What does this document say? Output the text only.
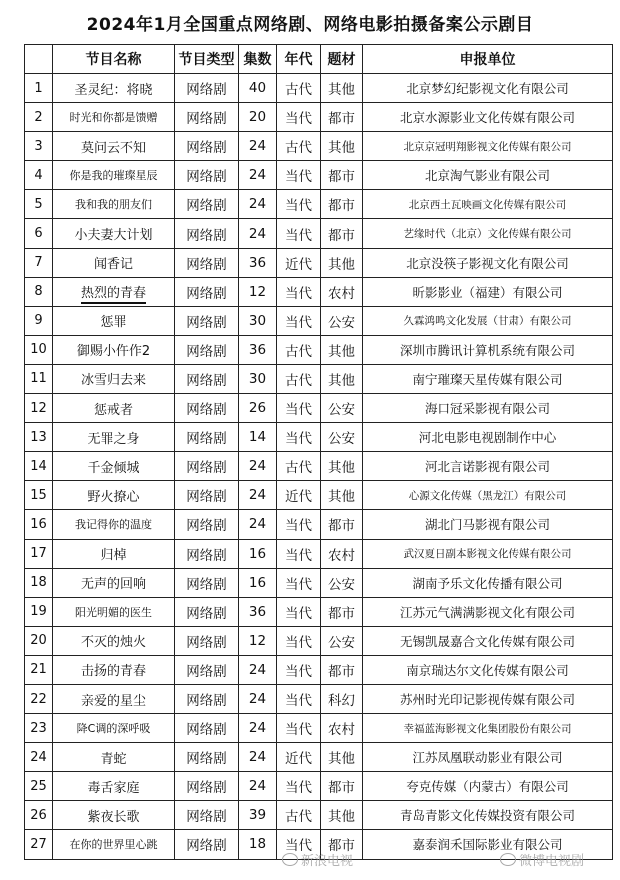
2024年1月全国重点网络剧、网络电影拍摄备案公示剧目
	节目名称	节目类型	集数	年代	题材	申报单位
1	圣灵纪：将晓	网络剧	40	古代	其他	北京梦幻纪影视文化有限公司
2	时光和你都是馈赠	网络剧	20	当代	都市	北京水源影业文化传媒有限公司
3	莫问云不知	网络剧	24	古代	其他	北京京冠明翔影视文化传媒有限公司
4	你是我的璀璨星辰	网络剧	24	当代	都市	北京淘气影业有限公司
5	我和我的朋友们	网络剧	24	当代	都市	北京西土瓦映画文化传媒有限公司
6	小夫妻大计划	网络剧	24	当代	都市	艺缘时代（北京）文化传媒有限公司
7	闻香记	网络剧	36	近代	其他	北京没筷子影视文化有限公司
8	热烈的青春	网络剧	12	当代	农村	昕影影业（福建）有限公司
9	惩罪	网络剧	30	当代	公安	久霖鸿鸣文化发展（甘肃）有限公司
10	御赐小仵作2	网络剧	36	古代	其他	深圳市腾讯计算机系统有限公司
11	冰雪归去来	网络剧	30	古代	其他	南宁璀璨天星传媒有限公司
12	惩戒者	网络剧	26	当代	公安	海口冠采影视有限公司
13	无罪之身	网络剧	14	当代	公安	河北电影电视剧制作中心
14	千金倾城	网络剧	24	古代	其他	河北言诺影视有限公司
15	野火撩心	网络剧	24	近代	其他	心源文化传媒（黑龙江）有限公司
16	我记得你的温度	网络剧	24	当代	都市	湖北门马影视有限公司
17	归棹	网络剧	16	当代	农村	武汉夏日副本影视文化传媒有限公司
18	无声的回响	网络剧	16	当代	公安	湖南予乐文化传播有限公司
19	阳光明媚的医生	网络剧	36	当代	都市	江苏元气满满影视文化有限公司
20	不灭的烛火	网络剧	12	当代	公安	无锡凯晟嘉合文化传媒有限公司
21	击扬的青春	网络剧	24	当代	都市	南京瑞达尔文化传媒有限公司
22	亲爱的星尘	网络剧	24	当代	科幻	苏州时光印记影视传媒有限公司
23	降C调的深呼吸	网络剧	24	当代	农村	幸福蓝海影视文化集团股份有限公司
24	青蛇	网络剧	24	近代	其他	江苏凤凰联动影业有限公司
25	毒舌家庭	网络剧	24	当代	都市	夸克传媒（内蒙古）有限公司
26	紫夜长歌	网络剧	39	古代	其他	青岛青影文化传媒投资有限公司
27	在你的世界里心跳	网络剧	18	当代	都市	嘉泰润禾国际影业有限公司
新浪电视	微博电视剧
